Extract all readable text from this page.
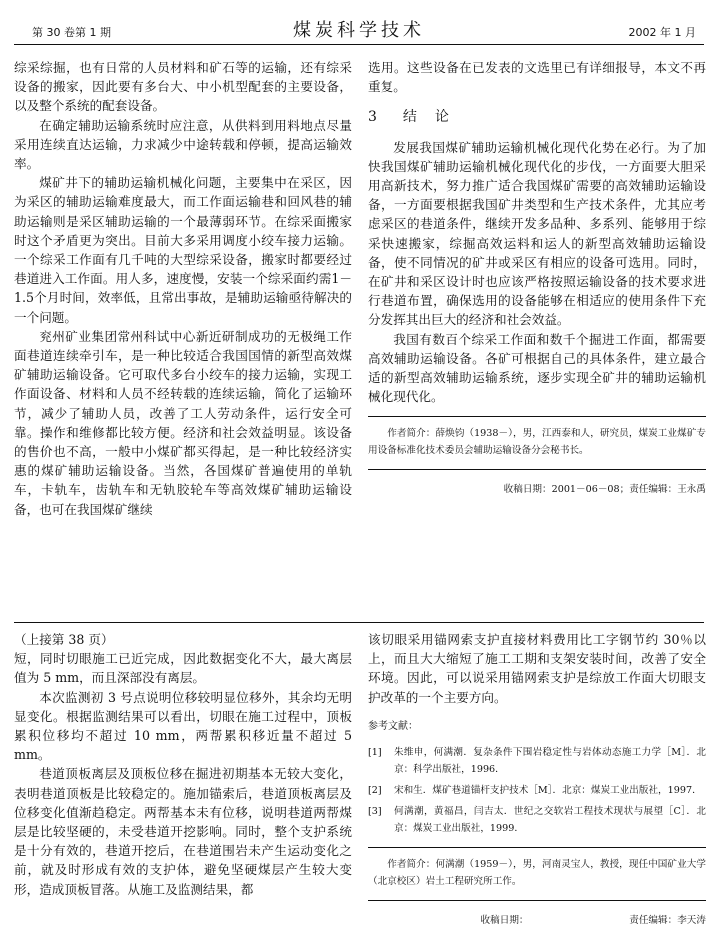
第 30 卷第 1 期	煤炭科学技术	2002 年 1 月

综采综掘，也有日常的人员材料和矿石等的运输，还有综采设备的搬家，因此要有多台大、中小机型配套的主要设备，以及整个系统的配套设备。

在确定辅助运输系统时应注意，从供料到用料地点尽量采用连续直达运输，力求减少中途转载和停顿，提高运输效率。

煤矿井下的辅助运输机械化问题，主要集中在采区，因为采区的辅助运输难度最大，而工作面运输巷和回风巷的辅助运输则是采区辅助运输的一个最薄弱环节。在综采面搬家时这个矛盾更为突出。目前大多采用调度小绞车接力运输。一个综采工作面有几千吨的大型综采设备，搬家时都要经过巷道进入工作面。用人多，速度慢，安装一个综采面约需1－1.5个月时间，效率低，且常出事故，是辅助运输亟待解决的一个问题。

兖州矿业集团常州科试中心新近研制成功的无极绳工作面巷道连续牵引车，是一种比较适合我国国情的新型高效煤矿辅助运输设备。它可取代多台小绞车的接力运输，实现工作面设备、材料和人员不经转载的连续运输，简化了运输环节，减少了辅助人员，改善了工人劳动条件，运行安全可靠。操作和维修都比较方便。经济和社会效益明显。该设备的售价也不高，一般中小煤矿都买得起，是一种比较经济实惠的煤矿辅助运输设备。当然，各国煤矿普遍使用的单轨车，卡轨车，齿轨车和无轨胶轮车等高效煤矿辅助运输设备，也可在我国煤矿继续

选用。这些设备在已发表的文选里已有详细报导，本文不再重复。

3 结　论

发展我国煤矿辅助运输机械化现代化势在必行。为了加快我国煤矿辅助运输机械化现代化的步伐，一方面要大胆采用高新技术，努力推广适合我国煤矿需要的高效辅助运输设备，一方面要根据我国矿井类型和生产技术条件，尤其应考虑采区的巷道条件，继续开发多品种、多系列、能够用于综采快速搬家，综掘高效运料和运人的新型高效辅助运输设备，使不同情况的矿井或采区有相应的设备可选用。同时，在矿井和采区设计时也应该严格按照运输设备的技术要求进行巷道布置，确保选用的设备能够在相适应的使用条件下充分发挥其出巨大的经济和社会效益。

我国有数百个综采工作面和数千个掘进工作面，都需要高效辅助运输设备。各矿可根据自己的具体条件，建立最合适的新型高效辅助运输系统，逐步实现全矿井的辅助运输机械化现代化。

作者简介：薛焕钧（1938－），男，江西泰和人，研究员，煤炭工业煤矿专用设备标准化技术委员会辅助运输设备分会秘书长。
收稿日期：2001－06－08；责任编辑：王永禹

（上接第 38 页）

短，同时切眼施工已近完成，因此数据变化不大，最大离层值为 5 mm，而且深部没有离层。

本次监测初 3 号点说明位移较明显位移外，其余均无明显变化。根据监测结果可以看出，切眼在施工过程中，顶板累积位移均不超过 10 mm，两帮累积移近量不超过 5 mm。

巷道顶板离层及顶板位移在掘进初期基本无较大变化，表明巷道顶板是比较稳定的。施加锚索后，巷道顶板离层及位移变化值渐趋稳定。两帮基本未有位移，说明巷道两帮煤层是比较坚硬的，未受巷道开挖影响。同时，整个支护系统是十分有效的，巷道开挖后，在巷道围岩未产生运动变化之前，就及时形成有效的支护体，避免坚硬煤层产生较大变形，造成顶板冒落。从施工及监测结果，都

该切眼采用锚网索支护直接材料费用比工字钢节约 30％以上，而且大大缩短了施工工期和支架安装时间，改善了安全环境。因此，可以说采用锚网索支护是综放工作面大切眼支护改革的一个主要方向。

参考文献：
[1]	朱维申，何满潮．复杂条件下围岩稳定性与岩体动态施工力学［M］．北京：科学出版社，1996．
[2]	宋和生．煤矿巷道锚杆支护技术［M］．北京：煤炭工业出版社，1997．
[3]	何满潮，黄福昌，闫吉太．世纪之交软岩工程技术现状与展望［C］．北京：煤炭工业出版社，1999．
作者简介：何满潮（1959－），男，河南灵宝人，教授，现任中国矿业大学（北京校区）岩土工程研究所工作。
收稿日期：　　　　　　　　　　　责任编辑：李天涛
